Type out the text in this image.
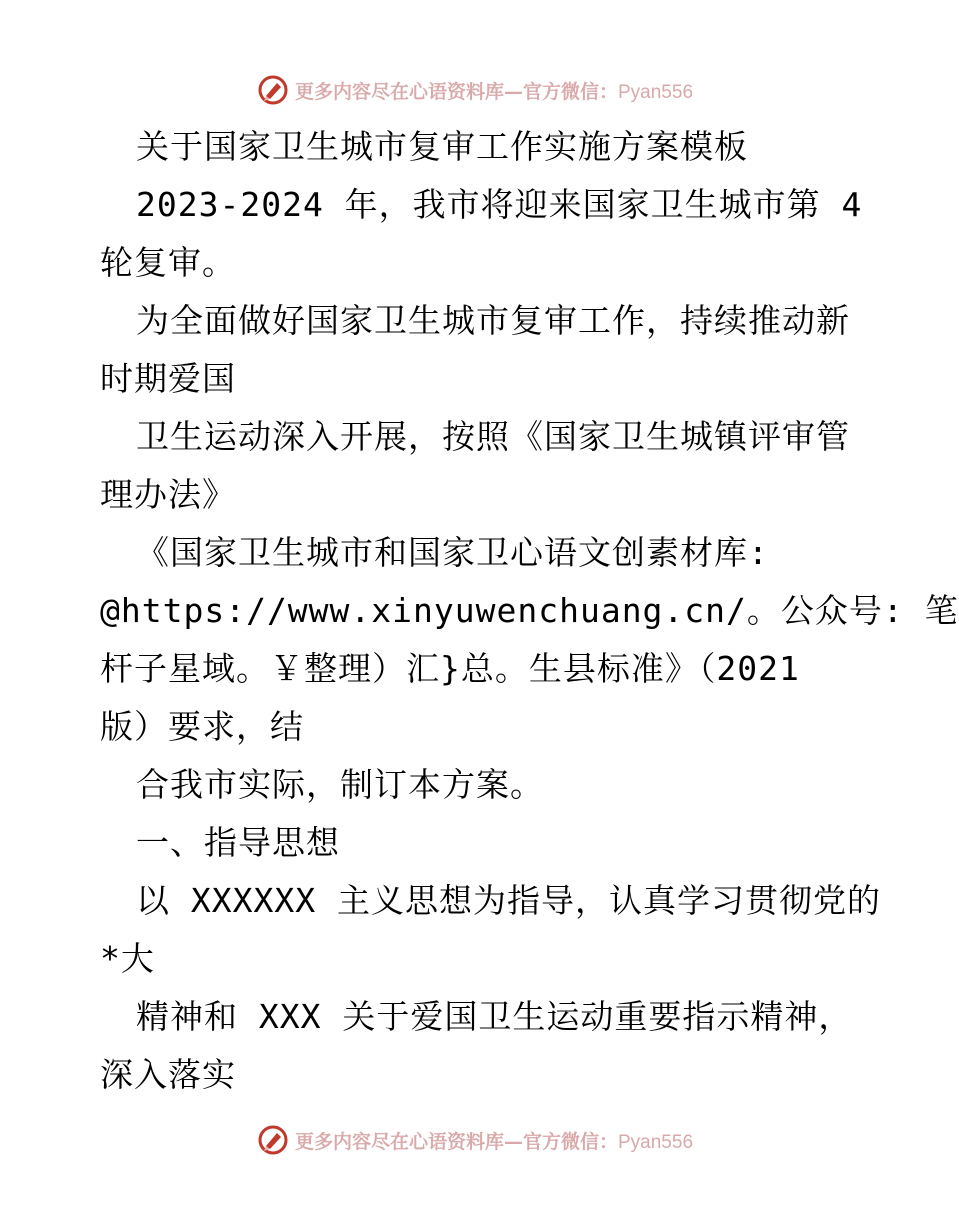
更多内容尽在心语资料库—官方微信：Pyan556
关于国家卫生城市复审工作实施方案模板
2023-2024 年，我市将迎来国家卫生城市第 4
轮复审。
为全面做好国家卫生城市复审工作，持续推动新
时期爱国
卫生运动深入开展，按照《国家卫生城镇评审管
理办法》
《国家卫生城市和国家卫心语文创素材库:
@https://www.xinyuwenchuang.cn/。公众号: 笔
杆子星域。￥整理）汇}总。生县标准》（2021
版）要求，结
合我市实际，制订本方案。
一、指导思想
以 XXXXXX 主义思想为指导，认真学习贯彻党的
*大
精神和 XXX 关于爱国卫生运动重要指示精神，
深入落实
更多内容尽在心语资料库—官方微信：Pyan556
